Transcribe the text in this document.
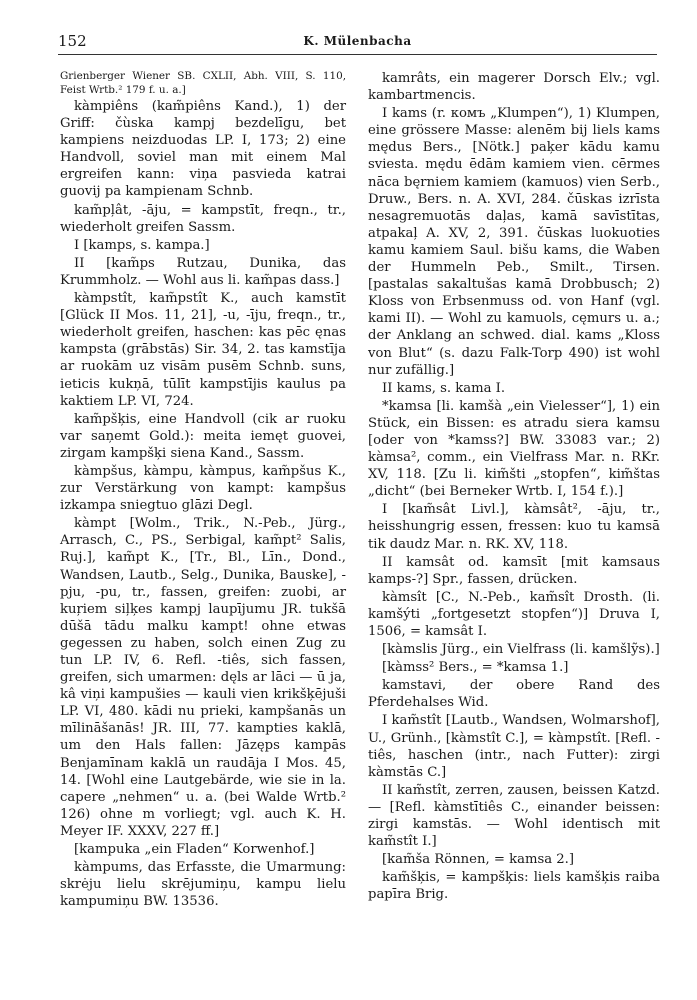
152	K. Mülenbacha

Grienberger Wiener SB. CXLII, Abh. VIII, S. 110, Feist Wrtb.² 179 f. u. a.]

kàmpiêns (kam̃piêns Kand.), 1) der Griff: čùska kampj bezdelīgu, bet kampiens neizduodas LP. I, 173; 2) eine Handvoll, soviel man mit einem Mal ergreifen kann: viņa pasvieda katrai guovij pa kampienam Schnb.

kam̃pļât, -āju, = kampstīt, freqn., tr., wiederholt greifen Sassm.

I [kamps, s. kampa.]

II [kam̃ps Rutzau, Dunika, das Krummholz. — Wohl aus li. kam̃pas dass.]

kàmpstît, kam̃pstît K., auch kamstīt [Glück II Mos. 11, 21], -u, -īju, freqn., tr., wiederholt greifen, haschen: kas pēc ęnas kampsta (grābstās) Sir. 34, 2. tas kamstīja ar ruokām uz visām pusēm Schnb. suns, ieticis kukņā, tūlīt kampstījis kaulus pa kaktiem LP. VI, 724.

kam̃pšķis, eine Handvoll (cik ar ruoku var saņemt Gold.): meita iemęt guovei, zirgam kampšķi siena Kand., Sassm.

kàmpšus, kàmpu, kàmpus, kam̃pšus K., zur Verstärkung von kampt: kampšus izkampa sniegtuo glāzi Degl.

kàmpt [Wolm., Trik., N.-Peb., Jürg., Arrasch, C., PS., Serbigal, kam̃pt² Salis, Ruj.], kam̃pt K., [Tr., Bl., Līn., Dond., Wandsen, Lautb., Selg., Dunika, Bauske], -pju, -pu, tr., fassen, greifen: zuobi, ar kuŗiem siļķes kampj laupījumu JR. tukšā dūšā tādu malku kampt! ohne etwas gegessen zu haben, solch einen Zug zu tun LP. IV, 6. Refl. -tiês, sich fassen, greifen, sich umarmen: dęls ar lāci — ū ja, kâ viņi kampušies — kauli vien krikšķējuši LP. VI, 480. kādi nu prieki, kampšanās un mīlināšanās! JR. III, 77. kampties kaklā, um den Hals fallen: Jāzęps kampās Benjamīnam kaklā un raudāja I Mos. 45, 14. [Wohl eine Lautgebärde, wie sie in la. capere „nehmen“ u. a. (bei Walde Wrtb.² 126) ohne m vorliegt; vgl. auch K. H. Meyer IF. XXXV, 227 ff.]

[kampuka „ein Fladen“ Korwenhof.]

kàmpums, das Erfasste, die Umarmung: skrėju lielu skrējumiņu, kampu lielu kampumiņu BW. 13536.

kamrâts, ein magerer Dorsch Elv.; vgl. kambartmencis.

I kams (r. комъ „Klumpen“), 1) Klumpen, eine grössere Masse: alenēm bij liels kams mędus Bers., [Nötk.] paķer kādu kamu sviesta. mędu ēdām kamiem vien. cērmes nāca bęrniem kamiem (kamuos) vien Serb., Druw., Bers. n. A. XVI, 284. čūskas izrīsta nesagremuotās daļas, kamā savīstītas, atpakaļ A. XV, 2, 391. čūskas luokuoties kamu kamiem Saul. bišu kams, die Waben der Hummeln Peb., Smilt., Tirsen. [pastalas sakaltušas kamā Drobbusch; 2) Kloss von Erbsenmuss od. von Hanf (vgl. kami II). — Wohl zu kamuols, cęmurs u. a.; der Anklang an schwed. dial. kams „Kloss von Blut“ (s. dazu Falk-Torp 490) ist wohl nur zufällig.]

II kams, s. kama I.

*kamsa [li. kamšà „ein Vielesser“], 1) ein Stück, ein Bissen: es atradu siera kamsu [oder von *kamss?] BW. 33083 var.; 2) kàmsa², comm., ein Vielfrass Mar. n. RKr. XV, 118. [Zu li. kim̃šti „stopfen“, kim̃štas „dicht“ (bei Berneker Wrtb. I, 154 f.).]

I [kam̃sât Livl.], kàmsât², -āju, tr., heisshungrig essen, fressen: kuo tu kamsā tik daudz Mar. n. RK. XV, 118.

II kamsât od. kamsīt [mit kamsaus kamps-?] Spr., fassen, drücken.

kàmsît [C., N.-Peb., kam̃sît Drosth. (li. kamšýti „fortgesetzt stopfen“)] Druva I, 1506, = kamsât I.

[kàmslis Jürg., ein Vielfrass (li. kamšlỹs).]

[kàmss² Bers., = *kamsa 1.]

kamstavi, der obere Rand des Pferdehalses Wid.

I kam̃stît [Lautb., Wandsen, Wolmarshof], U., Grünh., [kàmstît C.], = kàmpstît. [Refl. -tiês, haschen (intr., nach Futter): zirgi kàmstās C.]

II kam̃stît, zerren, zausen, beissen Katzd. — [Refl. kàmstītiês C., einander beissen: zirgi kamstās. — Wohl identisch mit kam̃stît I.]

[kam̃ša Rönnen, = kamsa 2.]

kam̃šķis, = kampšķis: liels kamšķis raiba papīra Brig.
